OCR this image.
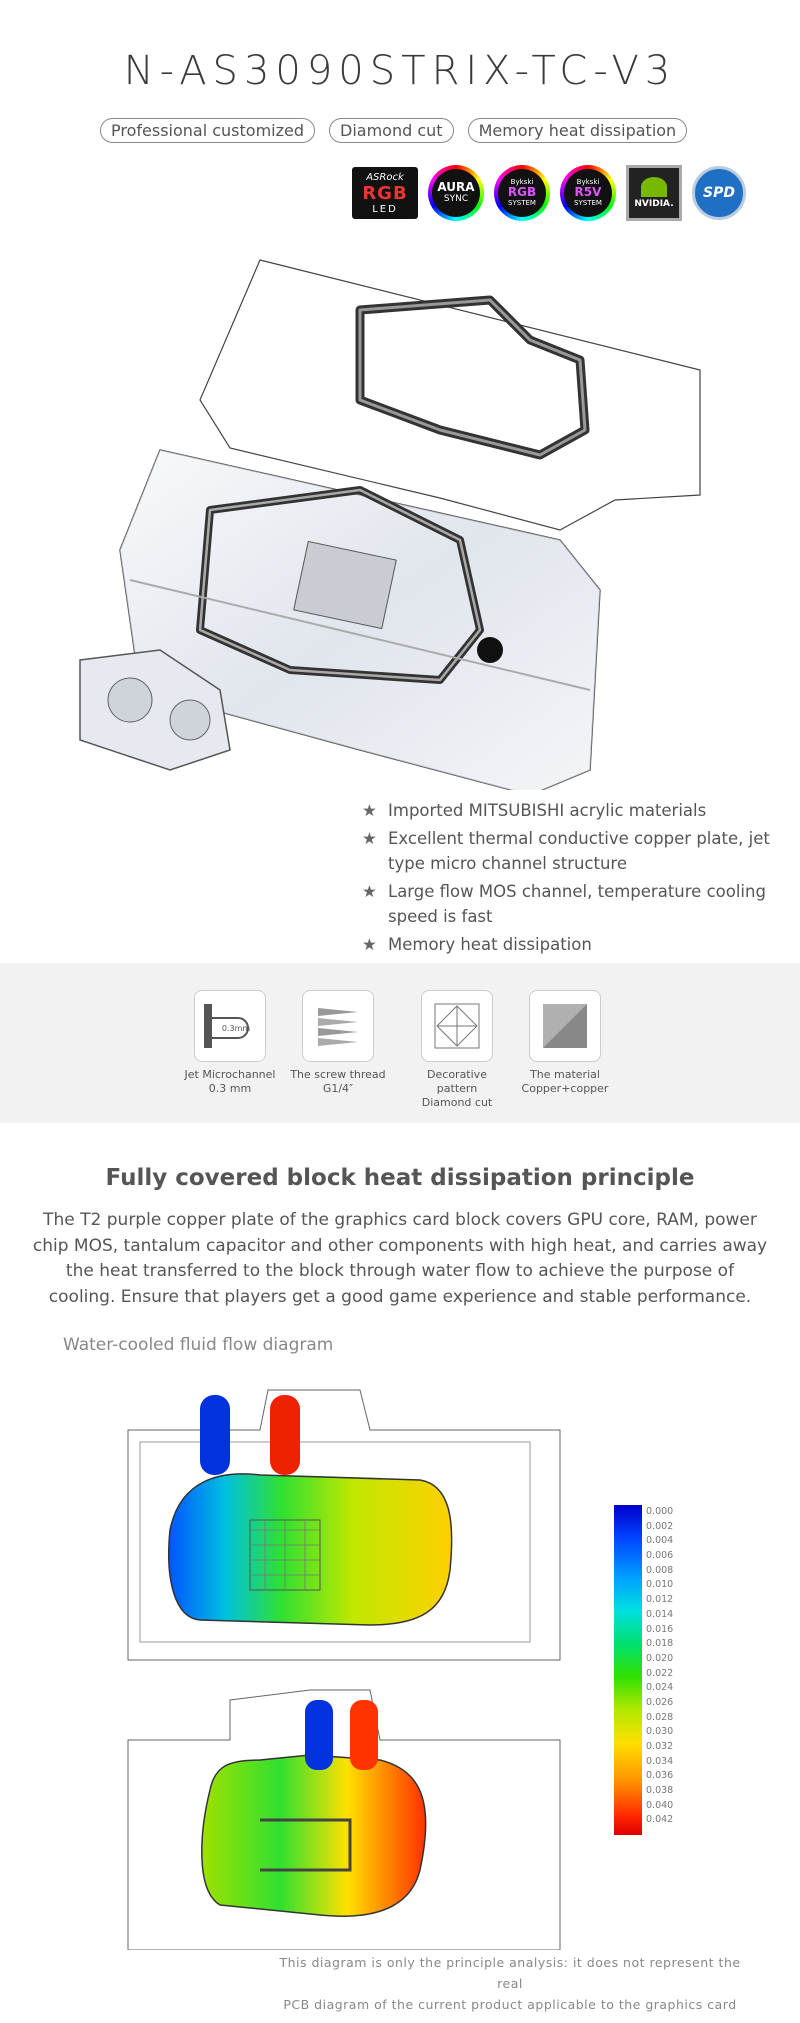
N-AS3090STRIX-TC-V3
Professional customized	Diamond cut	Memory heat dissipation
ASRock
RGB
LED
AURA
SYNC
Bykski
RGB
SYSTEM
Bykski
R5V
SYSTEM	NVIDIA.
SPD
★ Imported MITSUBISHI acrylic materials
★ Excellent thermal conductive copper plate, jet type micro channel structure
★ Large flow MOS channel, temperature cooling speed is fast
★ Memory heat dissipation
0.3mm
Jet Microchannel
0.3 mm
The screw thread
G1/4″
Decorative pattern
Diamond cut
The material
Copper+copper
Fully covered block heat dissipation principle
The T2 purple copper plate of the graphics card block covers GPU core, RAM, power chip MOS, tantalum capacitor and other components with high heat, and carries away the heat transferred to the block through water flow to achieve the purpose of cooling. Ensure that players get a good game experience and stable performance.
Water-cooled fluid flow diagram
0.000
0.002
0.004
0.006
0.008
0.010
0.012
0.014
0.016
0.018
0.020
0.022
0.024
0.026
0.028
0.030
0.032
0.034
0.036
0.038
0.040
0.042
This diagram is only the principle analysis: it does not represent the real
PCB diagram of the current product applicable to the graphics card
